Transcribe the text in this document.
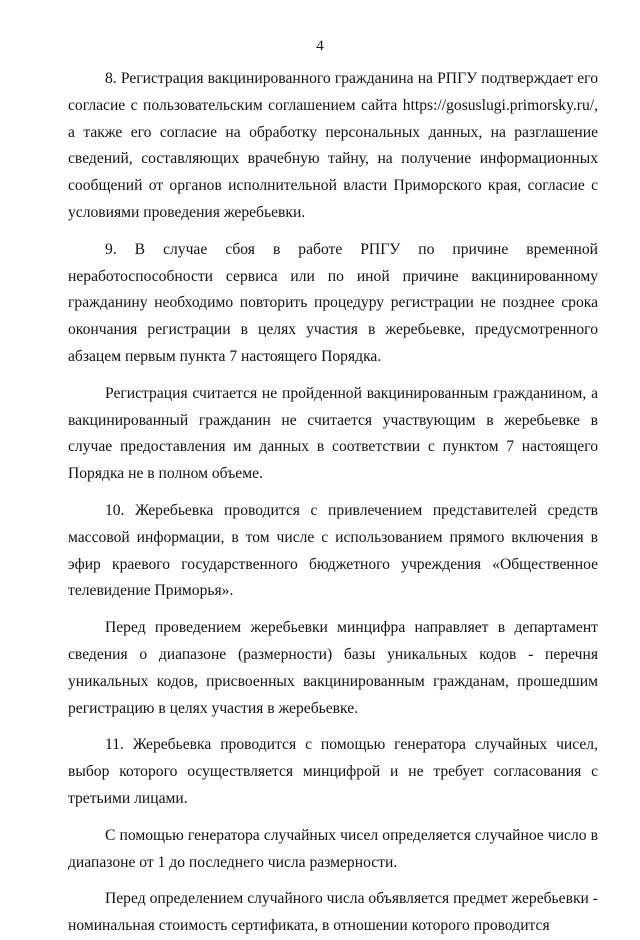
4

8. Регистрация вакцинированного гражданина на РПГУ подтверждает его согласие с пользовательским соглашением сайта https://gosuslugi.primorsky.ru/, а также его согласие на обработку персональных данных, на разглашение сведений, составляющих врачебную тайну, на получение информационных сообщений от органов исполнительной власти Приморского края, согласие с условиями проведения жеребьевки.

9. В случае сбоя в работе РПГУ по причине временной неработоспособности сервиса или по иной причине вакцинированному гражданину необходимо повторить процедуру регистрации не позднее срока окончания регистрации в целях участия в жеребьевке, предусмотренного абзацем первым пункта 7 настоящего Порядка.

Регистрация считается не пройденной вакцинированным гражданином, а вакцинированный гражданин не считается участвующим в жеребьевке в случае предоставления им данных в соответствии с пунктом 7 настоящего Порядка не в полном объеме.

10. Жеребьевка проводится с привлечением представителей средств массовой информации, в том числе с использованием прямого включения в эфир краевого государственного бюджетного учреждения «Общественное телевидение Приморья».

Перед проведением жеребьевки минцифра направляет в департамент сведения о диапазоне (размерности) базы уникальных кодов - перечня уникальных кодов, присвоенных вакцинированным гражданам, прошедшим регистрацию в целях участия в жеребьевке.

11. Жеребьевка проводится с помощью генератора случайных чисел, выбор которого осуществляется минцифрой и не требует согласования с третьими лицами.

С помощью генератора случайных чисел определяется случайное число в диапазоне от 1 до последнего числа размерности.

Перед определением случайного числа объявляется предмет жеребьевки - номинальная стоимость сертификата, в отношении которого проводится
